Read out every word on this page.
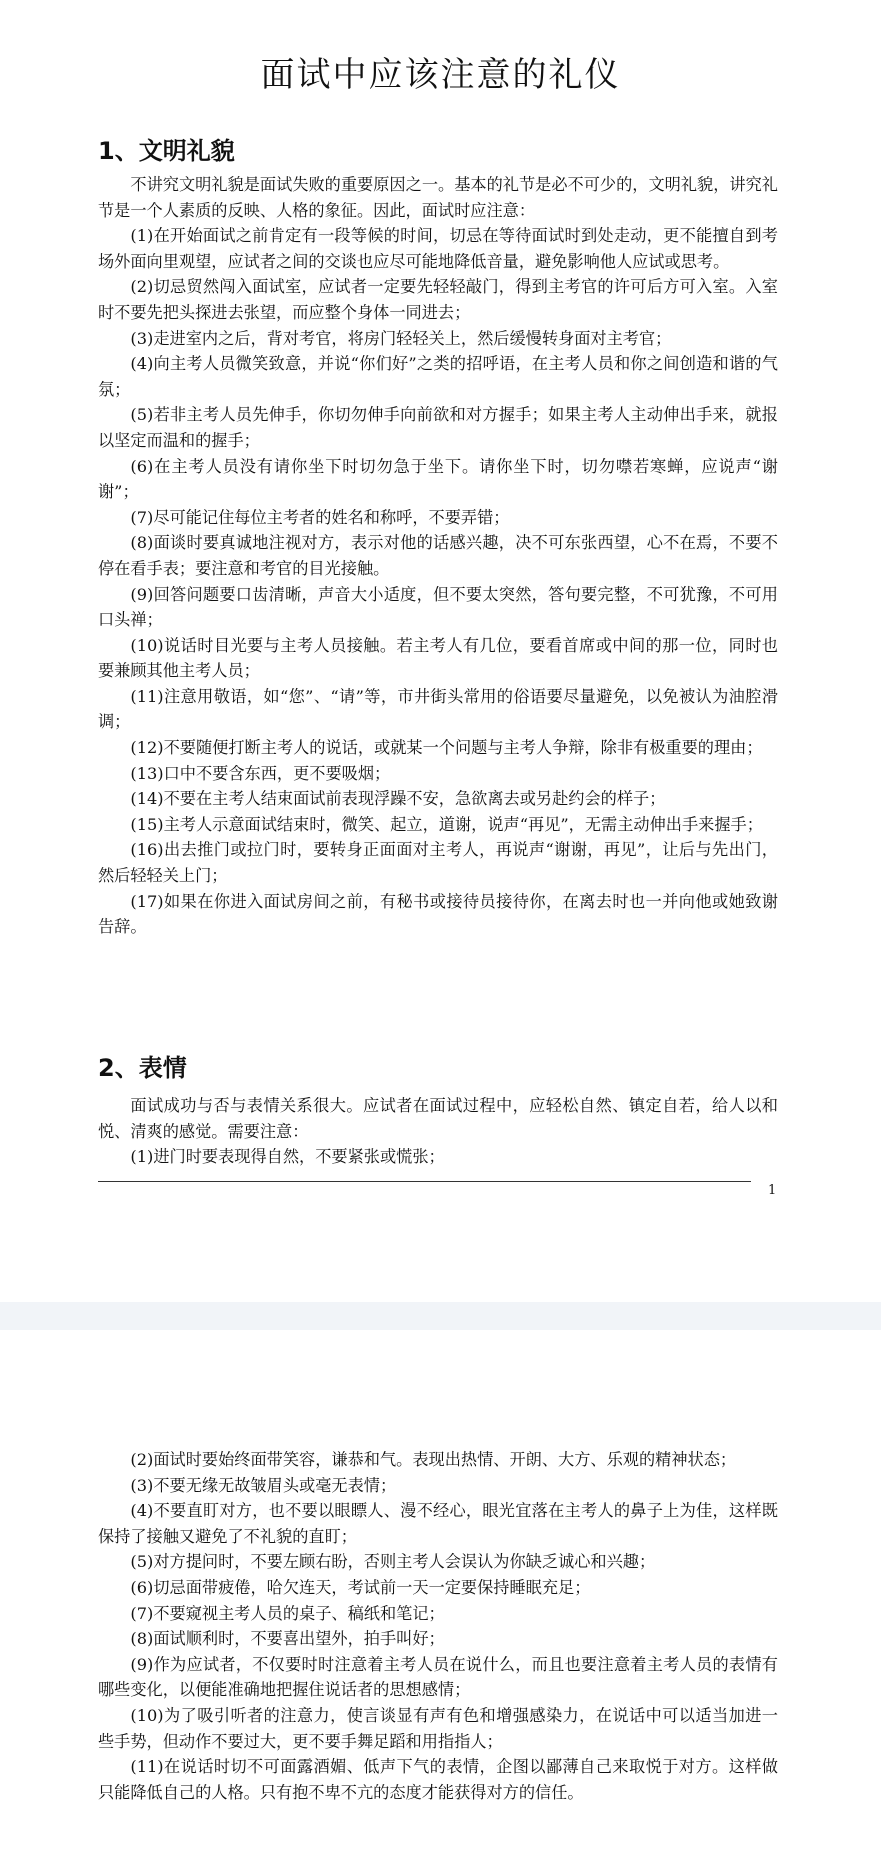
面试中应该注意的礼仪
1、文明礼貌

不讲究文明礼貌是面试失败的重要原因之一。基本的礼节是必不可少的，文明礼貌，讲究礼节是一个人素质的反映、人格的象征。因此，面试时应注意：

(1)在开始面试之前肯定有一段等候的时间，切忌在等待面试时到处走动，更不能擅自到考场外面向里观望，应试者之间的交谈也应尽可能地降低音量，避免影响他人应试或思考。

(2)切忌贸然闯入面试室，应试者一定要先轻轻敲门，得到主考官的许可后方可入室。入室时不要先把头探进去张望，而应整个身体一同进去；

(3)走进室内之后，背对考官，将房门轻轻关上，然后缓慢转身面对主考官；

(4)向主考人员微笑致意，并说“你们好”之类的招呼语，在主考人员和你之间创造和谐的气氛；

(5)若非主考人员先伸手，你切勿伸手向前欲和对方握手；如果主考人主动伸出手来，就报以坚定而温和的握手；

(6)在主考人员没有请你坐下时切勿急于坐下。请你坐下时，切勿噤若寒蝉，应说声“谢谢”；

(7)尽可能记住每位主考者的姓名和称呼，不要弄错；

(8)面谈时要真诚地注视对方，表示对他的话感兴趣，决不可东张西望，心不在焉，不要不停在看手表；要注意和考官的目光接触。

(9)回答问题要口齿清晰，声音大小适度，但不要太突然，答句要完整，不可犹豫，不可用口头禅；

(10)说话时目光要与主考人员接触。若主考人有几位，要看首席或中间的那一位，同时也要兼顾其他主考人员；

(11)注意用敬语，如“您”、“请”等，市井街头常用的俗语要尽量避免，以免被认为油腔滑调；

(12)不要随便打断主考人的说话，或就某一个问题与主考人争辩，除非有极重要的理由；

(13)口中不要含东西，更不要吸烟；

(14)不要在主考人结束面试前表现浮躁不安，急欲离去或另赴约会的样子；

(15)主考人示意面试结束时，微笑、起立，道谢，说声“再见”，无需主动伸出手来握手；

(16)出去推门或拉门时，要转身正面面对主考人，再说声“谢谢，再见”，让后与先出门，然后轻轻关上门；

(17)如果在你进入面试房间之前，有秘书或接待员接待你，在离去时也一并向他或她致谢告辞。

2、表情

面试成功与否与表情关系很大。应试者在面试过程中，应轻松自然、镇定自若，给人以和悦、清爽的感觉。需要注意：

(1)进门时要表现得自然，不要紧张或慌张；

1

(2)面试时要始终面带笑容，谦恭和气。表现出热情、开朗、大方、乐观的精神状态；

(3)不要无缘无故皱眉头或毫无表情；

(4)不要直盯对方，也不要以眼瞟人、漫不经心，眼光宜落在主考人的鼻子上为佳，这样既保持了接触又避免了不礼貌的直盯；

(5)对方提问时，不要左顾右盼，否则主考人会误认为你缺乏诚心和兴趣；

(6)切忌面带疲倦，哈欠连天，考试前一天一定要保持睡眠充足；

(7)不要窥视主考人员的桌子、稿纸和笔记；

(8)面试顺利时，不要喜出望外，拍手叫好；

(9)作为应试者，不仅要时时注意着主考人员在说什么，而且也要注意着主考人员的表情有哪些变化，以便能准确地把握住说话者的思想感情；

(10)为了吸引听者的注意力，使言谈显有声有色和增强感染力，在说话中可以适当加进一些手势，但动作不要过大，更不要手舞足蹈和用指指人；

(11)在说话时切不可面露酒媚、低声下气的表情，企图以鄙薄自己来取悦于对方。这样做只能降低自己的人格。只有抱不卑不亢的态度才能获得对方的信任。
